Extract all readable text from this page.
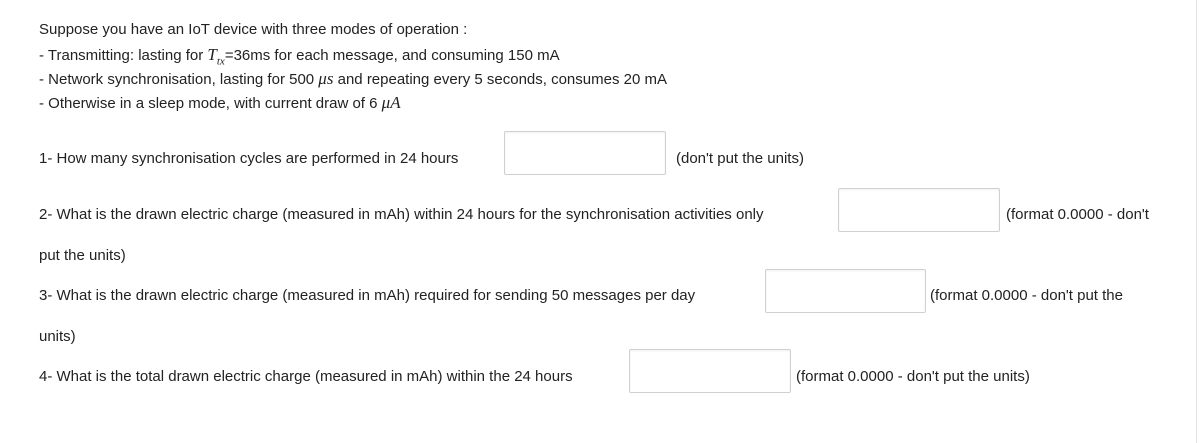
Suppose you have an IoT device with three modes of operation :
- Transmitting: lasting for $T_{tx}=36ms$ for each message, and consuming 150 mA
- Network synchronisation, lasting for 500 μs and repeating every 5 seconds, consumes 20 mA
- Otherwise in a sleep mode, with current draw of 6 μA
1- How many synchronisation cycles are performed in 24 hours	(don't put the units)
2- What is the drawn electric charge (measured in mAh) within 24 hours for the synchronisation activities only	(format 0.0000 - don't
put the units)
3- What is the drawn electric charge (measured in mAh) required for sending 50 messages per day	(format 0.0000 - don't put the
units)
4- What is the total drawn electric charge (measured in mAh) within the 24 hours	(format 0.0000 - don't put the units)
